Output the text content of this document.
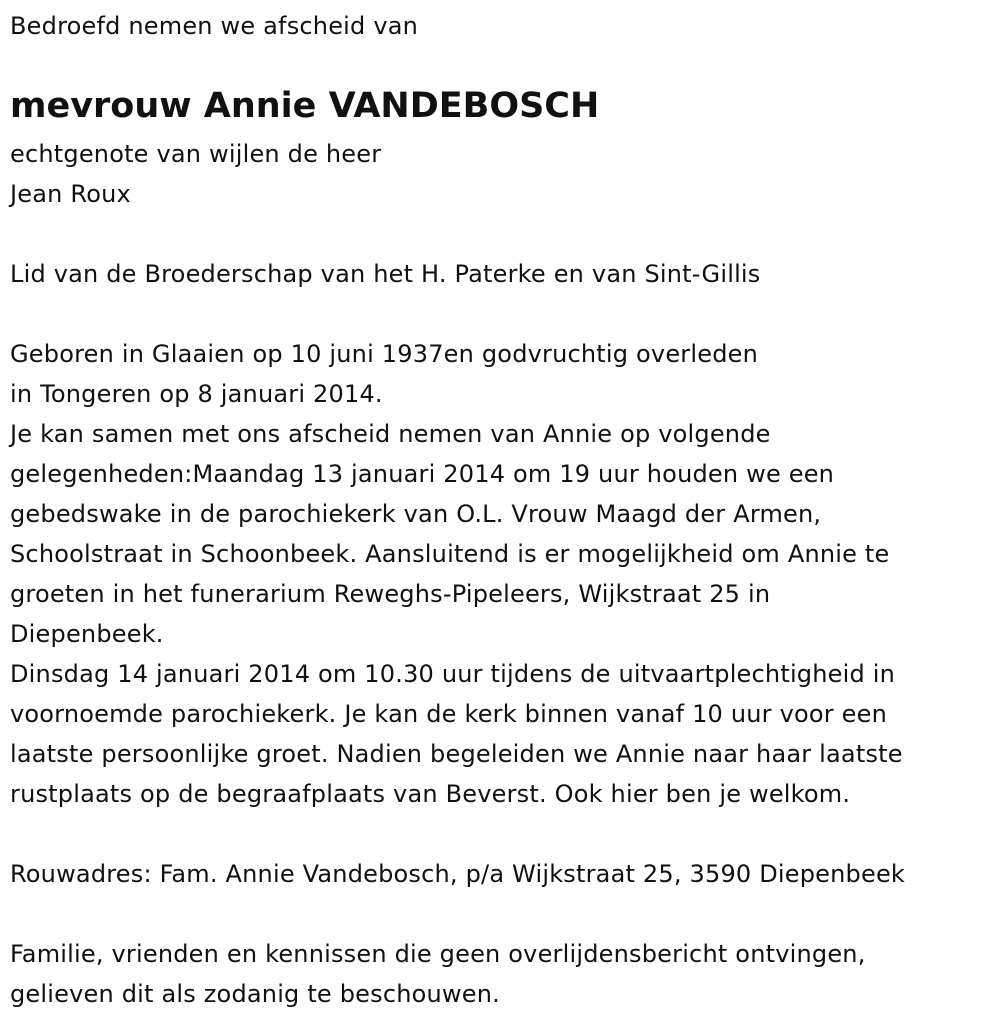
Bedroefd nemen we afscheid van
mevrouw Annie VANDEBOSCH
echtgenote van wijlen de heer
Jean Roux
Lid van de Broederschap van het H. Paterke en van Sint-Gillis
Geboren in Glaaien op 10 juni 1937en godvruchtig overleden
in Tongeren op 8 januari 2014.
Je kan samen met ons afscheid nemen van Annie op volgende
gelegenheden:Maandag 13 januari 2014 om 19 uur houden we een
gebedswake in de parochiekerk van O.L. Vrouw Maagd der Armen,
Schoolstraat in Schoonbeek. Aansluitend is er mogelijkheid om Annie te
groeten in het funerarium Reweghs-Pipeleers, Wijkstraat 25 in
Diepenbeek.
Dinsdag 14 januari 2014 om 10.30 uur tijdens de uitvaartplechtigheid in
voornoemde parochiekerk. Je kan de kerk binnen vanaf 10 uur voor een
laatste persoonlijke groet. Nadien begeleiden we Annie naar haar laatste
rustplaats op de begraafplaats van Beverst. Ook hier ben je welkom.
Rouwadres: Fam. Annie Vandebosch, p/a Wijkstraat 25, 3590 Diepenbeek
Familie, vrienden en kennissen die geen overlijdensbericht ontvingen,
gelieven dit als zodanig te beschouwen.
